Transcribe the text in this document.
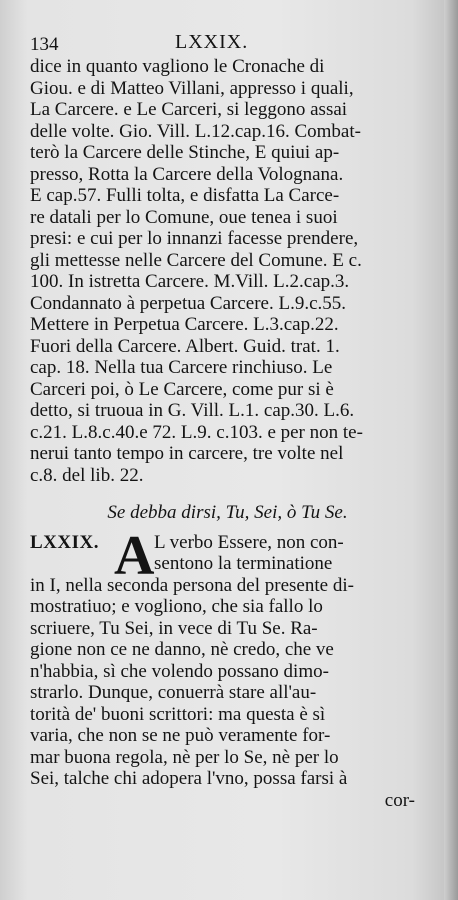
134	LXXIX.
dice in quanto vagliono le Cronache di
Giou. e di Matteo Villani, appresso i quali,
La Carcere. e Le Carceri, si leggono assai
delle volte. Gio. Vill. L.12.cap.16. Combat-
terò la Carcere delle Stinche, E quiui ap-
presso, Rotta la Carcere della Volognana.
E cap.57. Fulli tolta, e disfatta La Carce-
re datali per lo Comune, oue tenea i suoi
presi: e cui per lo innanzi facesse prendere,
gli mettesse nelle Carcere del Comune. E c.
100. In istretta Carcere. M.Vill. L.2.cap.3.
Condannato à perpetua Carcere. L.9.c.55.
Mettere in Perpetua Carcere. L.3.cap.22.
Fuori della Carcere. Albert. Guid. trat. 1.
cap. 18. Nella tua Carcere rinchiuso. Le
Carceri poi, ò Le Carcere, come pur si è
detto, si truoua in G. Vill. L.1. cap.30. L.6.
c.21. L.8.c.40.e 72. L.9. c.103. e per non te-
nerui tanto tempo in carcere, tre volte nel
c.8. del lib. 22.
Se debba dirsi, Tu, Sei, ò Tu Se.
LXXIX. A L verbo Essere, non con-
sentono la terminatione
in I, nella seconda persona del presente di-
mostratiuo; e vogliono, che sia fallo lo
scriuere, Tu Sei, in vece di Tu Se. Ra-
gione non ce ne danno, nè credo, che ve
n'habbia, sì che volendo possano dimo-
strarlo. Dunque, conuerrà stare all'au-
torità de' buoni scrittori: ma questa è sì
varia, che non se ne può veramente for-
mar buona regola, nè per lo Se, nè per lo
Sei, talche chi adopera l'vno, possa farsi à
cor-
